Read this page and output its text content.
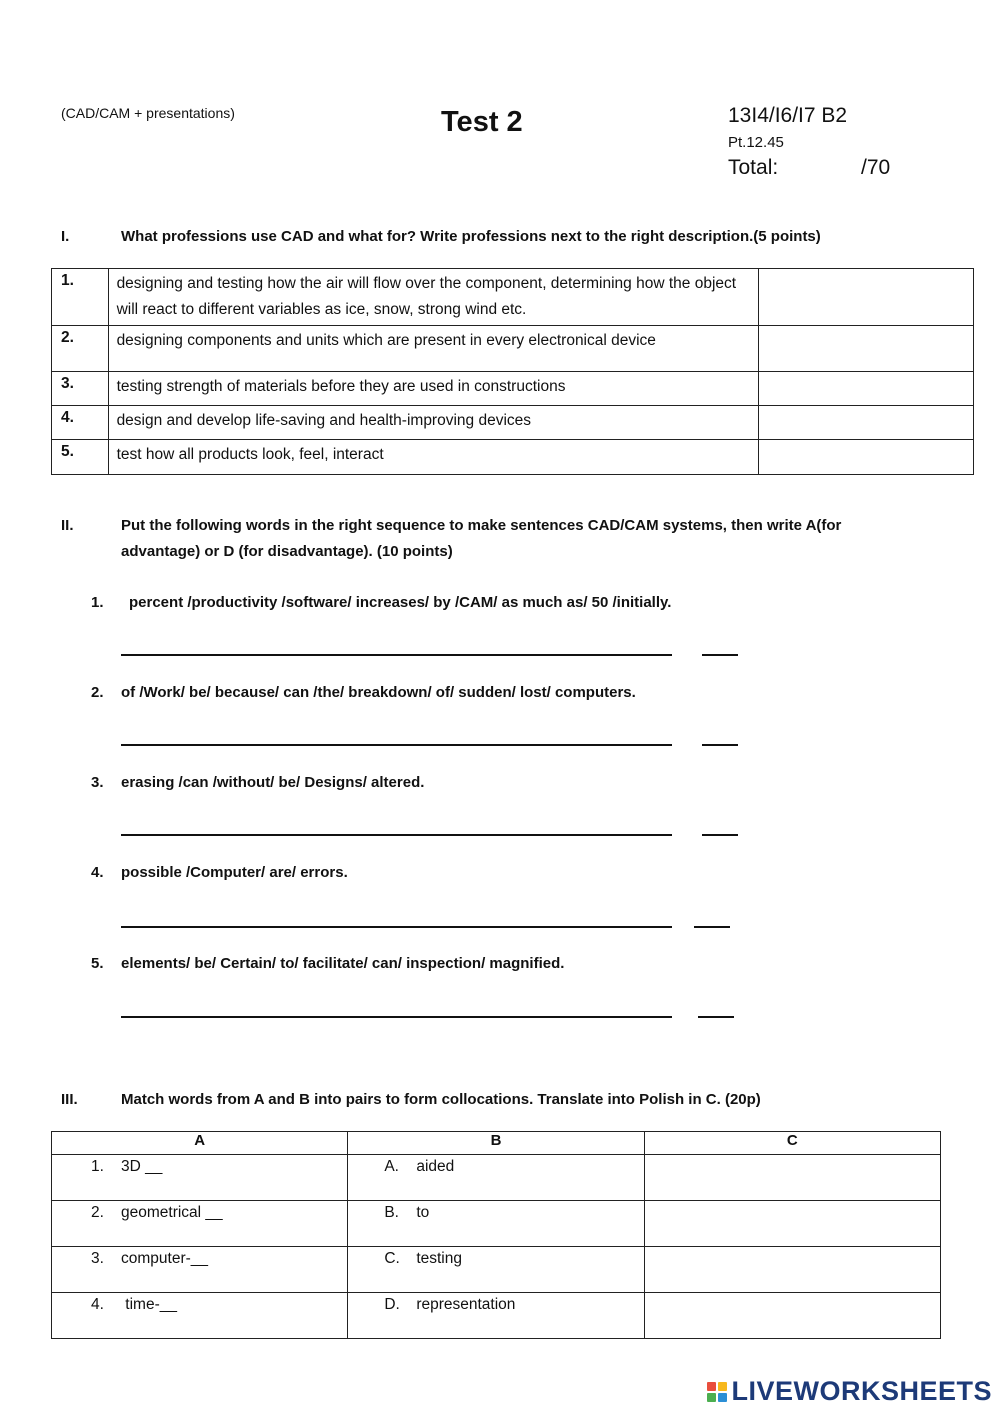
(CAD/CAM + presentations)	Test 2	13I4/I6/I7 B2
Pt.12.45
Total:	/70
I.	What professions use CAD and what for? Write professions next to the right description.(5 points)
1.	designing and testing how the air will flow over the component, determining how the object will react to different variables as ice, snow, strong wind etc.	
2.	designing components and units which are present in every electronical device	
3.	testing strength of materials before they are used in constructions	
4.	design and develop life-saving and health-improving devices	
5.	test how all products look, feel, interact	
II.	Put the following words in the right sequence to make sentences CAD/CAM systems, then write A(for
advantage) or D (for disadvantage). (10 points)
1. percent /productivity /software/ increases/ by /CAM/ as much as/ 50 /initially.
2. of /Work/ be/ because/ can /the/ breakdown/ of/ sudden/ lost/ computers.
3. erasing /can /without/ be/ Designs/ altered.
4. possible /Computer/ are/ errors.
5. elements/ be/ Certain/ to/ facilitate/ can/ inspection/ magnified.
III.	Match words from A and B into pairs to form collocations. Translate into Polish in C. (20p)
A	B	C

1. 3D __	A. aided	

2. geometrical __	B. to	

3. computer-__	C. testing	

4. time-__	D. representation	

LIVEWORKSHEETS
